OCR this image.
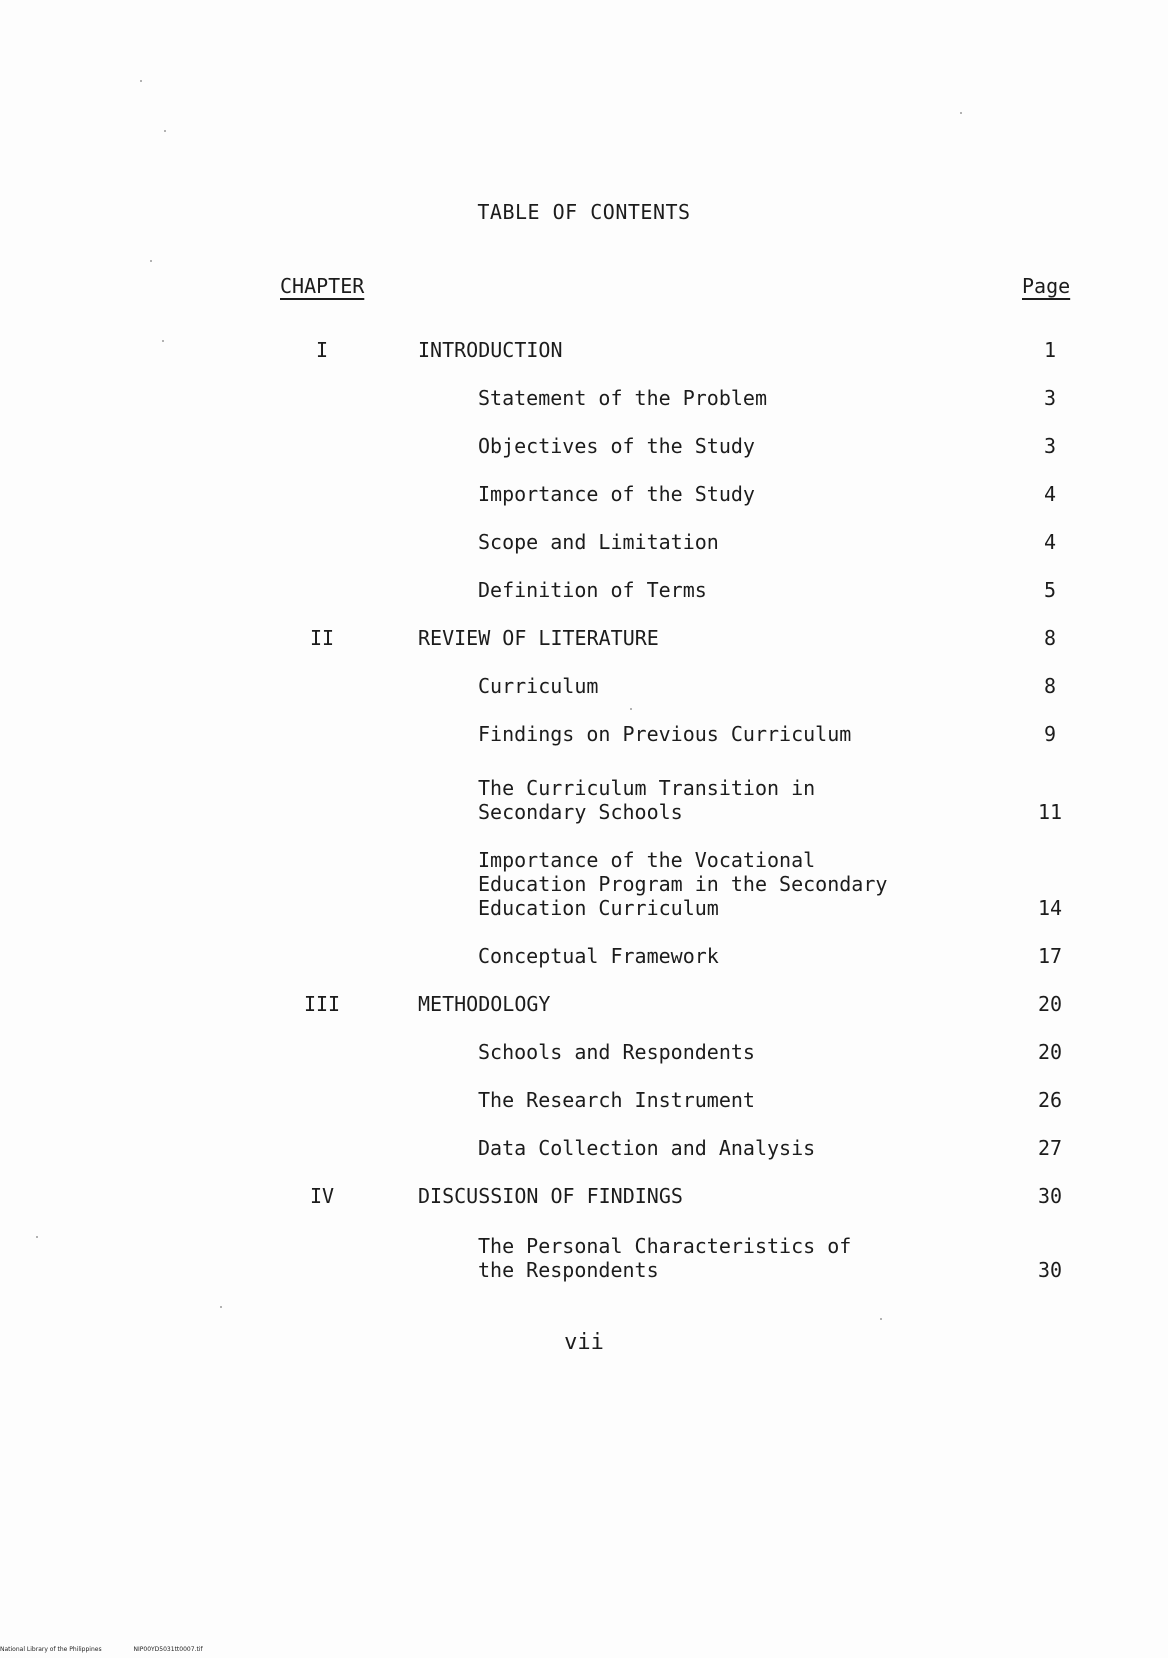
TABLE OF CONTENTS
CHAPTER	Page
I	INTRODUCTION	1
Statement of the Problem	3
Objectives of the Study	3
Importance of the Study	4
Scope and Limitation	4
Definition of Terms	5
II	REVIEW OF LITERATURE	8
Curriculum	8
Findings on Previous Curriculum	9
The Curriculum Transition in
Secondary Schools	11
Importance of the Vocational
Education Program in the Secondary
Education Curriculum	14
Conceptual Framework	17
III	METHODOLOGY	20
Schools and Respondents	20
The Research Instrument	26
Data Collection and Analysis	27
IV	DISCUSSION OF FINDINGS	30
The Personal Characteristics of
the Respondents	30
vii
National Library of the Philippines	NIP00YD5031tt0007.tif
